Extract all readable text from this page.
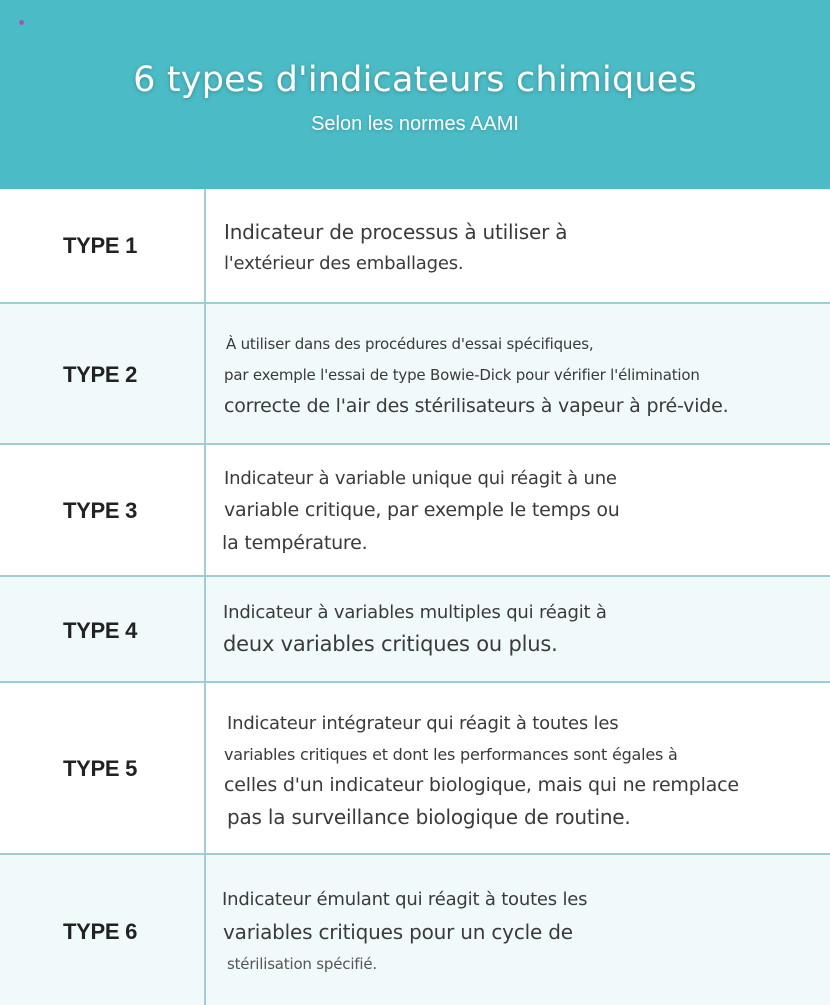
6 types d'indicateurs chimiques
Selon les normes AAMI
TYPE 1
Indicateur de processus à utiliser à
l'extérieur des emballages.
TYPE 2
À utiliser dans des procédures d'essai spécifiques,
par exemple l'essai de type Bowie-Dick pour vérifier l'élimination
correcte de l'air des stérilisateurs à vapeur à pré-vide.
TYPE 3
Indicateur à variable unique qui réagit à une
variable critique, par exemple le temps ou
la température.
TYPE 4
Indicateur à variables multiples qui réagit à
deux variables critiques ou plus.
TYPE 5
Indicateur intégrateur qui réagit à toutes les
variables critiques et dont les performances sont égales à
celles d'un indicateur biologique, mais qui ne remplace
pas la surveillance biologique de routine.
TYPE 6
Indicateur émulant qui réagit à toutes les
variables critiques pour un cycle de
stérilisation spécifié.
